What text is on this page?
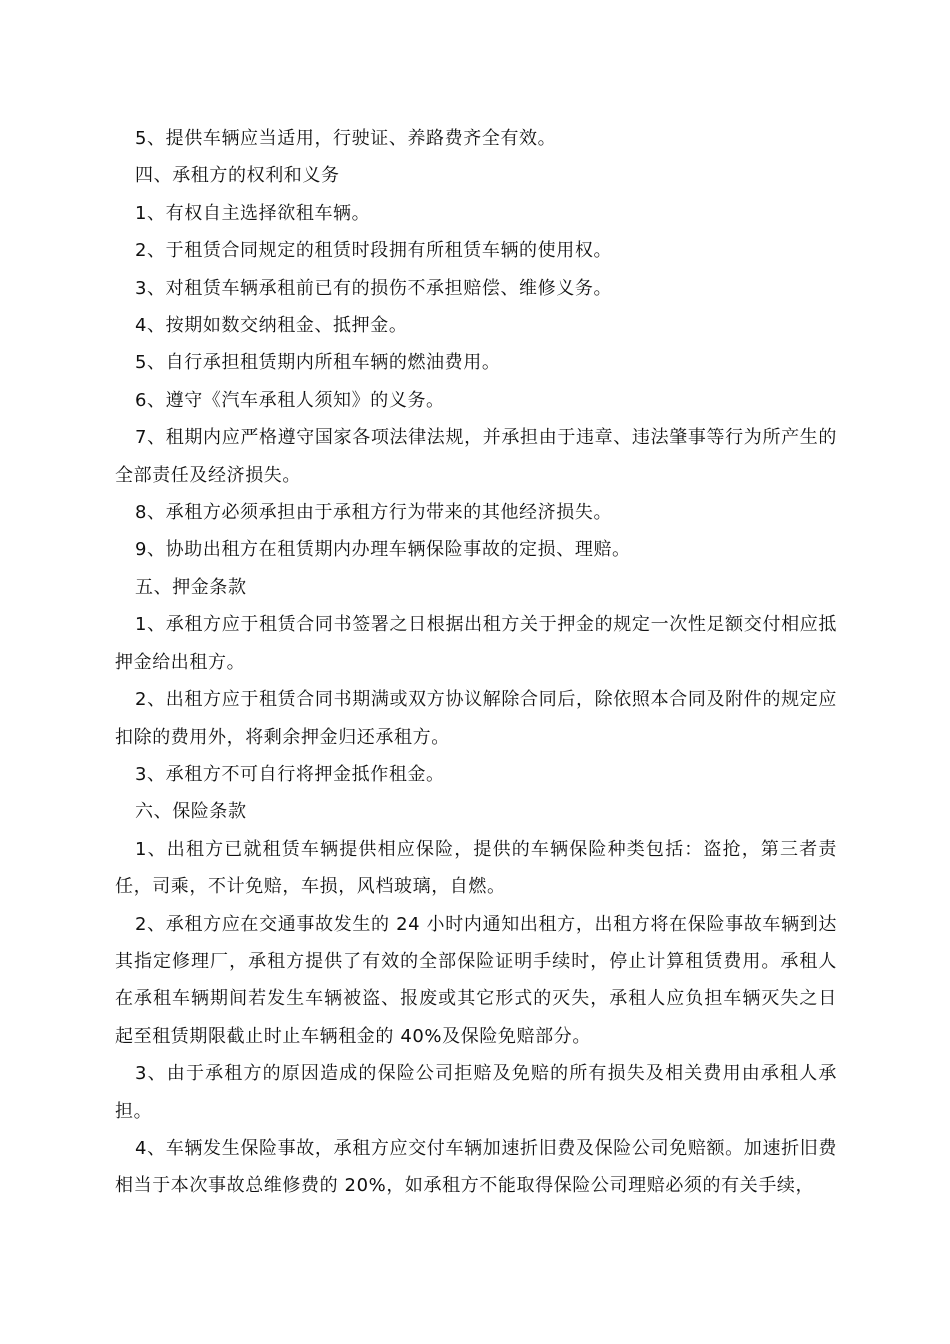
5、提供车辆应当适用，行驶证、养路费齐全有效。

四、承租方的权利和义务

1、有权自主选择欲租车辆。

2、于租赁合同规定的租赁时段拥有所租赁车辆的使用权。

3、对租赁车辆承租前已有的损伤不承担赔偿、维修义务。

4、按期如数交纳租金、抵押金。

5、自行承担租赁期内所租车辆的燃油费用。

6、遵守《汽车承租人须知》的义务。

7、租期内应严格遵守国家各项法律法规，并承担由于违章、违法肇事等行为所产生的全部责任及经济损失。

8、承租方必须承担由于承租方行为带来的其他经济损失。

9、协助出租方在租赁期内办理车辆保险事故的定损、理赔。

五、押金条款

1、承租方应于租赁合同书签署之日根据出租方关于押金的规定一次性足额交付相应抵押金给出租方。

2、出租方应于租赁合同书期满或双方协议解除合同后，除依照本合同及附件的规定应扣除的费用外，将剩余押金归还承租方。

3、承租方不可自行将押金抵作租金。

六、保险条款

1、出租方已就租赁车辆提供相应保险，提供的车辆保险种类包括：盗抢，第三者责任，司乘，不计免赔，车损，风档玻璃，自燃。

2、承租方应在交通事故发生的 24 小时内通知出租方，出租方将在保险事故车辆到达其指定修理厂，承租方提供了有效的全部保险证明手续时，停止计算租赁费用。承租人在承租车辆期间若发生车辆被盗、报废或其它形式的灭失，承租人应负担车辆灭失之日起至租赁期限截止时止车辆租金的 40%及保险免赔部分。

3、由于承租方的原因造成的保险公司拒赔及免赔的所有损失及相关费用由承租人承担。

4、车辆发生保险事故，承租方应交付车辆加速折旧费及保险公司免赔额。加速折旧费相当于本次事故总维修费的 20%，如承租方不能取得保险公司理赔必须的有关手续，
